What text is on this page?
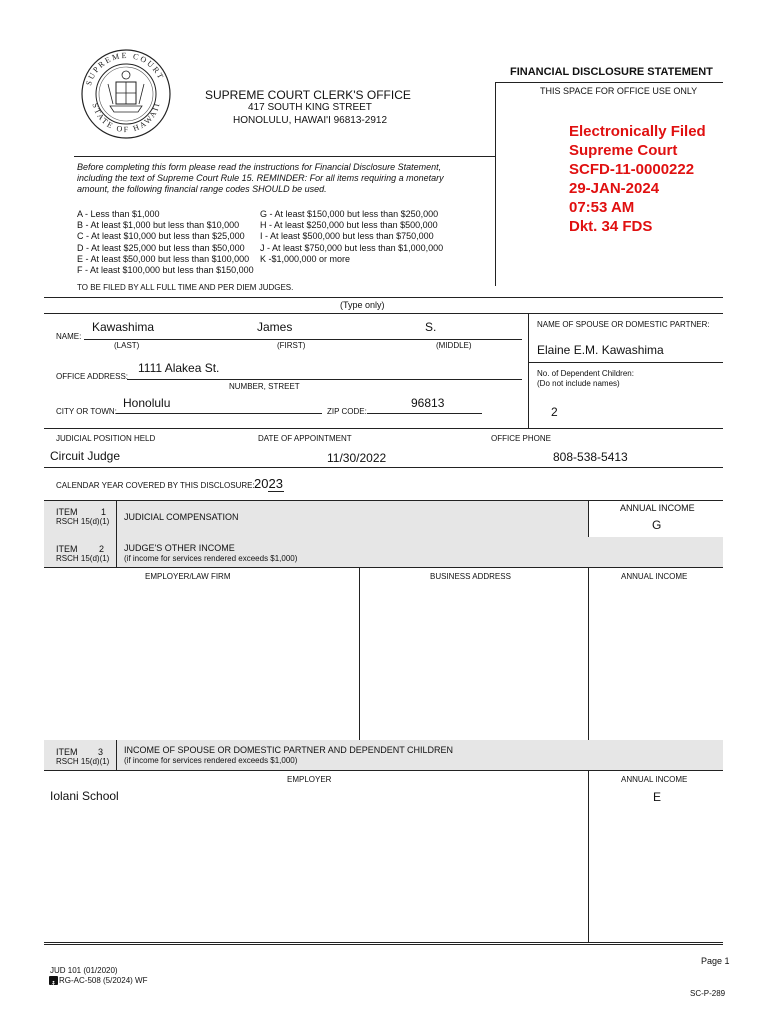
SUPREME COURT
STATE OF HAWAII
FINANCIAL DISCLOSURE STATEMENT
THIS SPACE FOR OFFICE USE ONLY
SUPREME COURT CLERK'S OFFICE
417 SOUTH KING STREET
HONOLULU, HAWAI'I 96813-2912
Electronically Filed
Supreme Court
SCFD-11-0000222
29-JAN-2024
07:53 AM
Dkt. 34 FDS
Before completing this form please read the instructions for Financial Disclosure Statement,
including the text of Supreme Court Rule 15. REMINDER: For all items requiring a monetary
amount, the following financial range codes SHOULD be used.
A - Less than $1,000
B - At least $1,000 but less than $10,000
C - At least $10,000 but less than $25,000
D - At least $25,000 but less than $50,000
E - At least $50,000 but less than $100,000
F - At least $100,000 but less than $150,000
G - At least $150,000 but less than $250,000
H - At least $250,000 but less than $500,000
I - At least $500,000 but less than $750,000
J - At least $750,000 but less than $1,000,000
K -$1,000,000 or more
TO BE FILED BY ALL FULL TIME AND PER DIEM JUDGES.
(Type only)
NAME:
Kawashima	James	S.
(LAST)	(FIRST)	(MIDDLE)
NAME OF SPOUSE OR DOMESTIC PARTNER:
Elaine E.M. Kawashima
OFFICE ADDRESS:
1111 Alakea St.
NUMBER, STREET
No. of Dependent Children:
(Do not include names)
2
CITY OR TOWN:
Honolulu
ZIP CODE:
96813
JUDICIAL POSITION HELD	DATE OF APPOINTMENT	OFFICE PHONE
Circuit Judge	11/30/2022	808-538-5413
CALENDAR YEAR COVERED BY THIS DISCLOSURE: 2023
ITEM	1
RSCH 15(d)(1) JUDICIAL COMPENSATION
ANNUAL INCOME
G
ITEM 2
RSCH 15(d)(1)
JUDGE'S OTHER INCOME
(if income for services rendered exceeds $1,000)
EMPLOYER/LAW FIRM	BUSINESS ADDRESS	ANNUAL INCOME
ITEM 3
RSCH 15(d)(1)
INCOME OF SPOUSE OR DOMESTIC PARTNER AND DEPENDENT CHILDREN
(if income for services rendered exceeds $1,000)
EMPLOYER	ANNUAL INCOME
Iolani School	E
Page 1
JUD 101 (01/2020)
RG-AC-508 (5/2024) WF
SC-P-289
